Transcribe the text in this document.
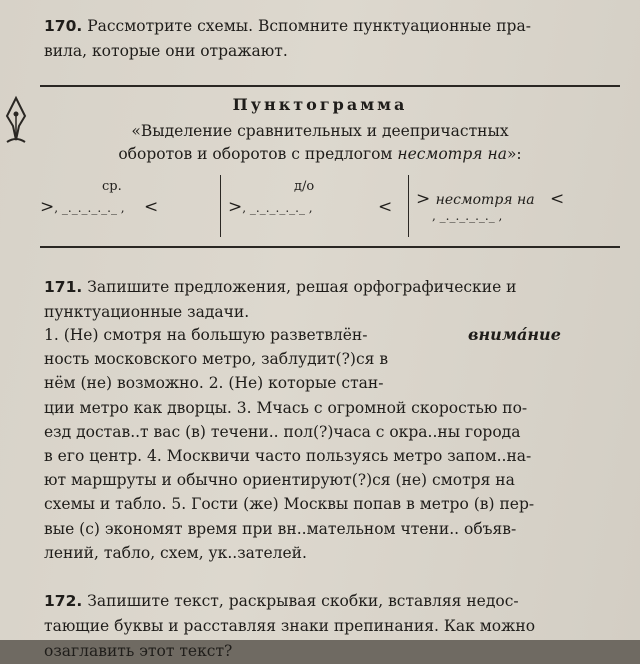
170. Рассмотрите схемы. Вспомните пунктуационные пра-
вила, которые они отражают.
Пунктограмма
«Выделение сравнительных и деепричастных
оборотов и оборотов с предлогом несмотря на»:
>, _._._._._._ ,
ср.
<	>, _._._._._._ ,
д/о
< > несмотря на <
, _._._._._._ ,
171. Запишите предложения, решая орфографические и
пунктуационные задачи.
внима́ние
1. (Не) смотря на большую разветвлён-
ность московского метро, заблудит(?)ся в
нём (не) возможно. 2. (Не) которые стан-
ции метро как дворцы. 3. Мчась с огромной скоростью по-
езд достав..т вас (в) течени.. пол(?)часа с окра..ны города
в его центр. 4. Москвичи часто пользуясь метро запом..на-
ют маршруты и обычно ориентируют(?)ся (не) смотря на
схемы и табло. 5. Гости (же) Москвы попав в метро (в) пер-
вые (с) экономят время при вн..мательном чтени.. объяв-
лений, табло, схем, ук..зателей.
172. Запишите текст, раскрывая скобки, вставляя недос-
тающие буквы и расставляя знаки препинания. Как можно
озаглавить этот текст?
